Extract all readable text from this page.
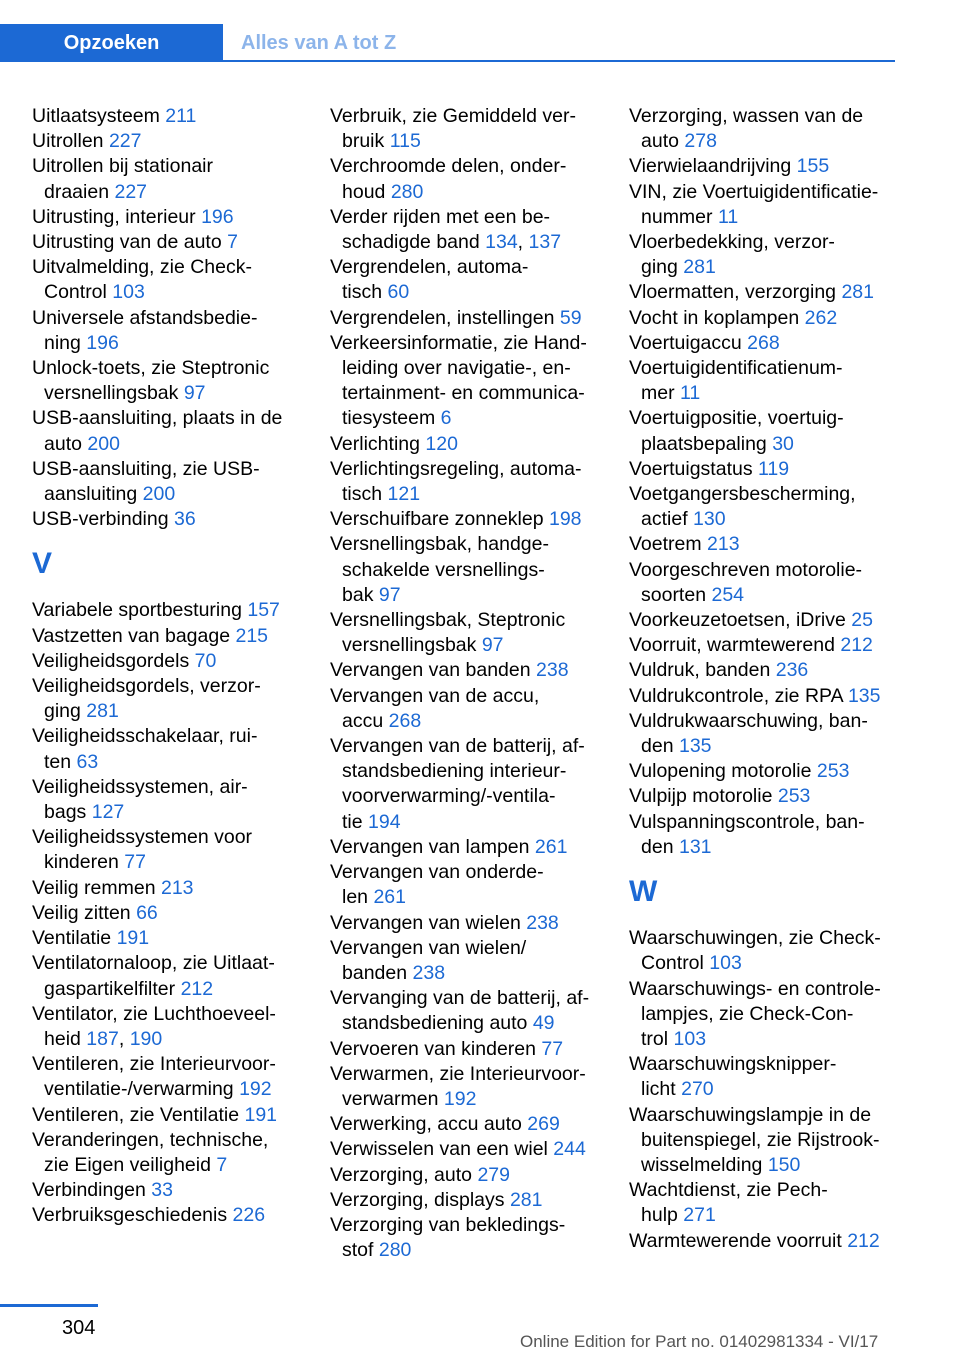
Opzoeken	Alles van A tot Z
Uitlaatsysteem 211
Uitrollen 227
Uitrollen bij stationair
draaien 227
Uitrusting, interieur 196
Uitrusting van de auto 7
Uitvalmelding, zie Check-
Control 103
Universele afstandsbedie-
ning 196
Unlock-toets, zie Steptronic
versnellingsbak 97
USB-aansluiting, plaats in de
auto 200
USB-aansluiting, zie USB-
aansluiting 200
USB-verbinding 36
V
Variabele sportbesturing 157
Vastzetten van bagage 215
Veiligheidsgordels 70
Veiligheidsgordels, verzor-
ging 281
Veiligheidsschakelaar, rui-
ten 63
Veiligheidssystemen, air-
bags 127
Veiligheidssystemen voor
kinderen 77
Veilig remmen 213
Veilig zitten 66
Ventilatie 191
Ventilatornaloop, zie Uitlaat-
gaspartikelfilter 212
Ventilator, zie Luchthoeveel-
heid 187, 190
Ventileren, zie Interieurvoor-
ventilatie-/verwarming 192
Ventileren, zie Ventilatie 191
Veranderingen, technische,
zie Eigen veiligheid 7
Verbindingen 33
Verbruiksgeschiedenis 226
Verbruik, zie Gemiddeld ver-
bruik 115
Verchroomde delen, onder-
houd 280
Verder rijden met een be-
schadigde band 134, 137
Vergrendelen, automa-
tisch 60
Vergrendelen, instellingen 59
Verkeersinformatie, zie Hand-
leiding over navigatie-, en-
tertainment- en communica-
tiesysteem 6
Verlichting 120
Verlichtingsregeling, automa-
tisch 121
Verschuifbare zonneklep 198
Versnellingsbak, handge-
schakelde versnellings-
bak 97
Versnellingsbak, Steptronic
versnellingsbak 97
Vervangen van banden 238
Vervangen van de accu,
accu 268
Vervangen van de batterij, af-
standsbediening interieur-
voorverwarming/-ventila-
tie 194
Vervangen van lampen 261
Vervangen van onderde-
len 261
Vervangen van wielen 238
Vervangen van wielen/
banden 238
Vervanging van de batterij, af-
standsbediening auto 49
Vervoeren van kinderen 77
Verwarmen, zie Interieurvoor-
verwarmen 192
Verwerking, accu auto 269
Verwisselen van een wiel 244
Verzorging, auto 279
Verzorging, displays 281
Verzorging van bekledings-
stof 280
Verzorging, wassen van de
auto 278
Vierwielaandrijving 155
VIN, zie Voertuigidentificatie-
nummer 11
Vloerbedekking, verzor-
ging 281
Vloermatten, verzorging 281
Vocht in koplampen 262
Voertuigaccu 268
Voertuigidentificatienum-
mer 11
Voertuigpositie, voertuig-
plaatsbepaling 30
Voertuigstatus 119
Voetgangersbescherming,
actief 130
Voetrem 213
Voorgeschreven motorolie-
soorten 254
Voorkeuzetoetsen, iDrive 25
Voorruit, warmtewerend 212
Vuldruk, banden 236
Vuldrukcontrole, zie RPA 135
Vuldrukwaarschuwing, ban-
den 135
Vulopening motorolie 253
Vulpijp motorolie 253
Vulspanningscontrole, ban-
den 131
W
Waarschuwingen, zie Check-
Control 103
Waarschuwings- en controle-
lampjes, zie Check-Con-
trol 103
Waarschuwingsknipper-
licht 270
Waarschuwingslampje in de
buitenspiegel, zie Rijstrook-
wisselmelding 150
Wachtdienst, zie Pech-
hulp 271
Warmtewerende voorruit 212
304
Online Edition for Part no. 01402981334 - VI/17
